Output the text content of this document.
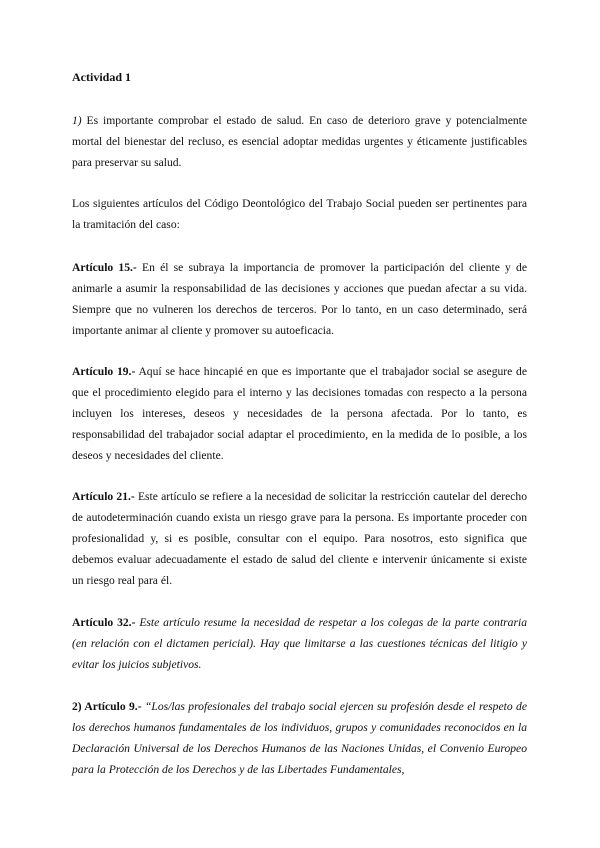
Actividad 1

1) Es importante comprobar el estado de salud. En caso de deterioro grave y potencialmente mortal del bienestar del recluso, es esencial adoptar medidas urgentes y éticamente justificables para preservar su salud.

Los siguientes artículos del Código Deontológico del Trabajo Social pueden ser pertinentes para la tramitación del caso:

Artículo 15.- En él se subraya la importancia de promover la participación del cliente y de animarle a asumir la responsabilidad de las decisiones y acciones que puedan afectar a su vida. Siempre que no vulneren los derechos de terceros. Por lo tanto, en un caso determinado, será importante animar al cliente y promover su autoeficacia.

Artículo 19.- Aquí se hace hincapié en que es importante que el trabajador social se asegure de que el procedimiento elegido para el interno y las decisiones tomadas con respecto a la persona incluyen los intereses, deseos y necesidades de la persona afectada. Por lo tanto, es responsabilidad del trabajador social adaptar el procedimiento, en la medida de lo posible, a los deseos y necesidades del cliente.

Artículo 21.- Este artículo se refiere a la necesidad de solicitar la restricción cautelar del derecho de autodeterminación cuando exista un riesgo grave para la persona. Es importante proceder con profesionalidad y, si es posible, consultar con el equipo. Para nosotros, esto significa que debemos evaluar adecuadamente el estado de salud del cliente e intervenir únicamente si existe un riesgo real para él.

Artículo 32.- Este artículo resume la necesidad de respetar a los colegas de la parte contraria (en relación con el dictamen pericial). Hay que limitarse a las cuestiones técnicas del litigio y evitar los juicios subjetivos.

2) Artículo 9.- “Los/las profesionales del trabajo social ejercen su profesión desde el respeto de los derechos humanos fundamentales de los individuos, grupos y comunidades reconocidos en la Declaración Universal de los Derechos Humanos de las Naciones Unidas, el Convenio Europeo para la Protección de los Derechos y de las Libertades Fundamentales,
